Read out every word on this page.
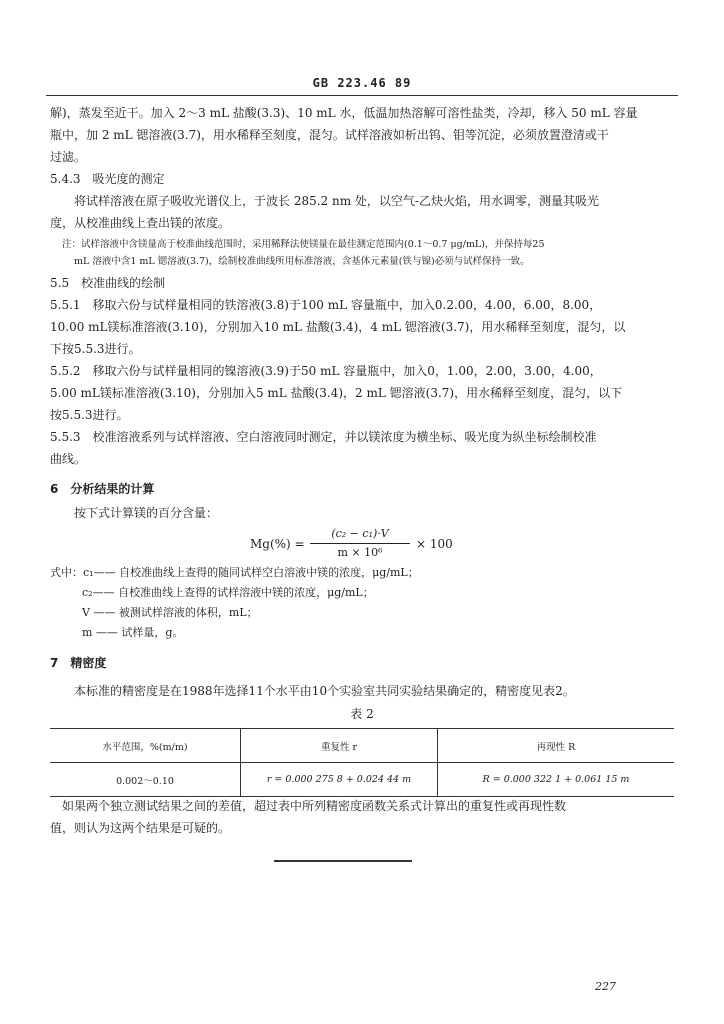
GB 223.46 89
解)，蒸发至近干。加入 2～3 mL 盐酸(3.3)、10 mL 水，低温加热溶解可溶性盐类，冷却，移入 50 mL 容量
瓶中，加 2 mL 锶溶液(3.7)，用水稀释至刻度，混匀。试样溶液如析出钨、钼等沉淀，必须放置澄清或干
过滤。
5.4.3　吸光度的测定
将试样溶液在原子吸收光谱仪上，于波长 285.2 nm 处，以空气-乙炔火焰，用水调零，测量其吸光
度，从校准曲线上查出镁的浓度。
注：试样溶液中含镁量高于校准曲线范围时，采用稀释法使镁量在最佳测定范围内(0.1～0.7 μg/mL)，并保持每25
mL 溶液中含1 mL 锶溶液(3.7)，绘制校准曲线所用标准溶液，含基体元素量(铁与镍)必须与试样保持一致。
5.5　校准曲线的绘制
5.5.1　移取六份与试样量相同的铁溶液(3.8)于100 mL 容量瓶中，加入0.2.00，4.00，6.00，8.00，
10.00 mL镁标准溶液(3.10)，分别加入10 mL 盐酸(3.4)，4 mL 锶溶液(3.7)，用水稀释至刻度，混匀，以
下按5.5.3进行。
5.5.2　移取六份与试样量相同的镍溶液(3.9)于50 mL 容量瓶中，加入0，1.00，2.00，3.00，4.00，
5.00 mL镁标准溶液(3.10)，分别加入5 mL 盐酸(3.4)，2 mL 锶溶液(3.7)，用水稀释至刻度，混匀，以下
按5.5.3进行。
5.5.3　校准溶液系列与试样溶液、空白溶液同时测定，并以镁浓度为横坐标、吸光度为纵坐标绘制校准
曲线。
6　分析结果的计算
按下式计算镁的百分含量：
Mg(%) =
(c₂ − c₁)·V
m × 10⁶
× 100
式中：c₁—— 自校准曲线上查得的随同试样空白溶液中镁的浓度，μg/mL；
c₂—— 自校准曲线上查得的试样溶液中镁的浓度，μg/mL；
V —— 被测试样溶液的体积，mL；
m —— 试样量，g。
7　精密度
本标准的精密度是在1988年选择11个水平由10个实验室共同实验结果确定的，精密度见表2。
表 2
水平范围，%(m/m)	重复性 r	再现性 R
0.002～0.10	r = 0.000 275 8 + 0.024 44 m	R = 0.000 322 1 + 0.061 15 m
如果两个独立测试结果之间的差值，超过表中所列精密度函数关系式计算出的重复性或再现性数
值，则认为这两个结果是可疑的。
227
